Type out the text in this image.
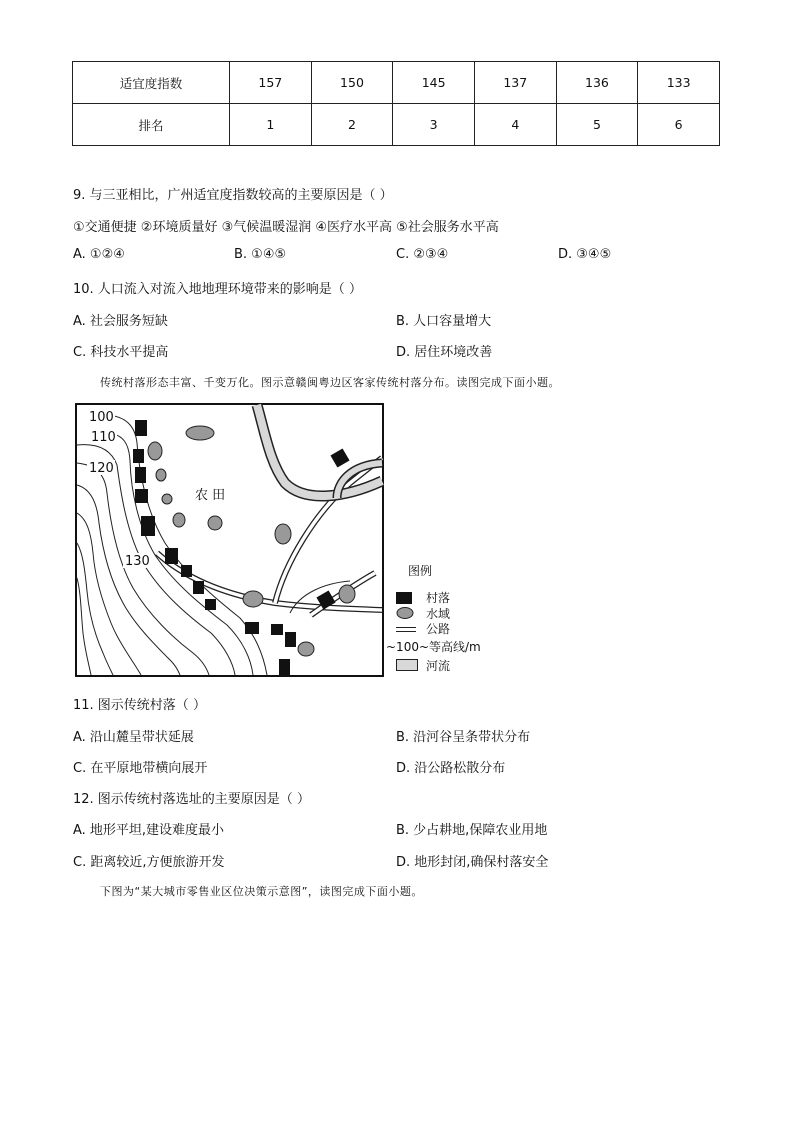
适宜度指数	157	150	145	137	136	133
排名	1	2	3	4	5	6
9. 与三亚相比，广州适宜度指数较高的主要原因是（ ）
①交通便捷 ②环境质量好 ③气候温暖湿润 ④医疗水平高 ⑤社会服务水平高
A. ①②④	B. ①④⑤	C. ②③④	D. ③④⑤
10. 人口流入对流入地地理环境带来的影响是（ ）
A. 社会服务短缺	B. 人口容量增大
C. 科技水平提高	D. 居住环境改善
传统村落形态丰富、千变万化。图示意赣闽粤边区客家传统村落分布。读图完成下面小题。
100
110
120
130
农 田
图例
村落
水域
公路
~100~等高线/m
河流
11. 图示传统村落（ ）
A. 沿山麓呈带状延展	B. 沿河谷呈条带状分布
C. 在平原地带横向展开	D. 沿公路松散分布
12. 图示传统村落选址的主要原因是（ ）
A. 地形平坦,建设难度最小	B. 少占耕地,保障农业用地
C. 距离较近,方便旅游开发	D. 地形封闭,确保村落安全
下图为“某大城市零售业区位决策示意图”，读图完成下面小题。
